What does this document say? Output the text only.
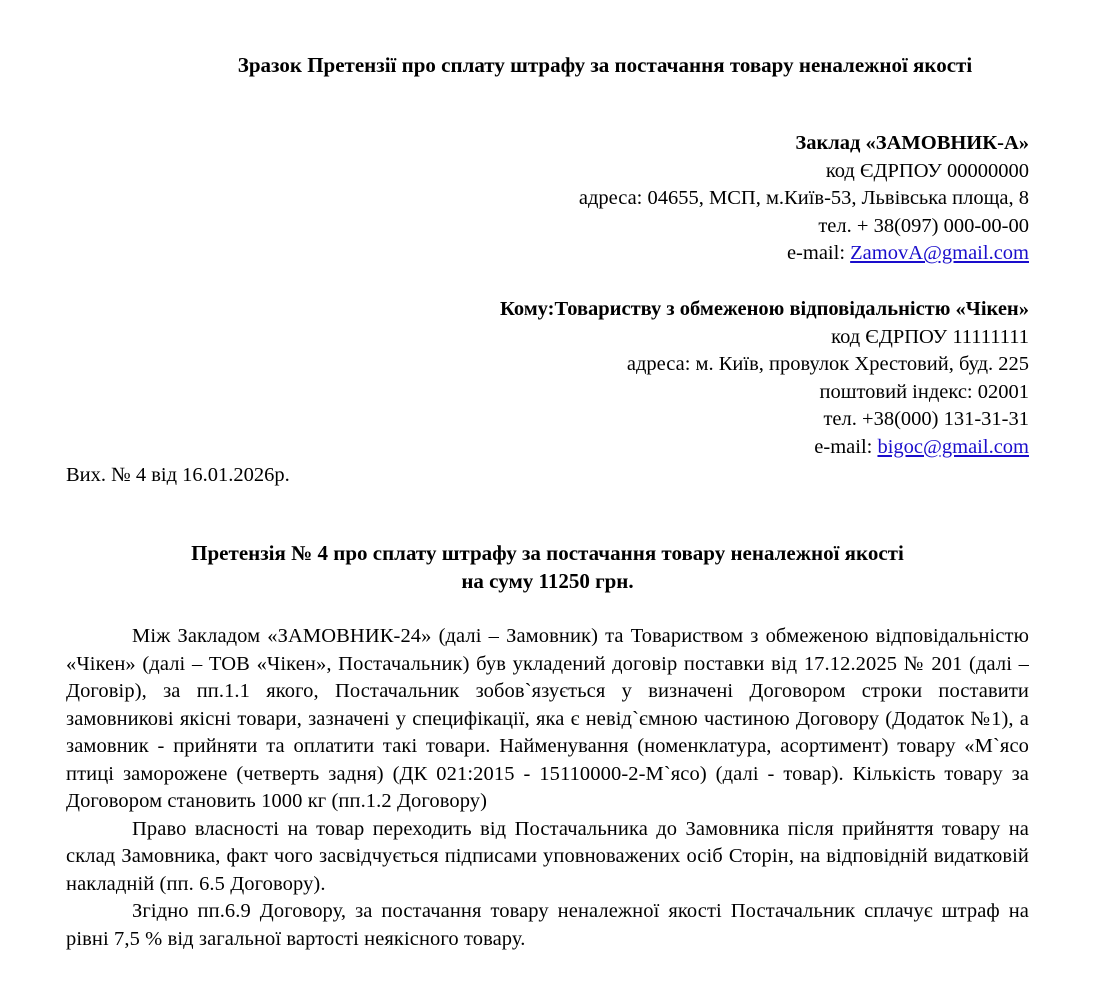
Зразок Претензії про сплату штрафу за постачання товару неналежної якості
Заклад «ЗАМОВНИК-А»
код ЄДРПОУ 00000000
адреса: 04655, МСП, м.Київ-53, Львівська площа, 8
тел. + 38(097) 000-00-00
e-mail: ZamovA@gmail.com
Кому:Товариству з обмеженою відповідальністю «Чікен»
код ЄДРПОУ 11111111
адреса: м. Київ, провулок Хрестовий, буд. 225
поштовий індекс: 02001
тел. +38(000) 131-31-31
e-mail: bigoc@gmail.com
Вих. № 4 від 16.01.2026р.
Претензія № 4 про сплату штрафу за постачання товару неналежної якості
на суму 11250 грн.

Між Закладом «ЗАМОВНИК-24» (далі – Замовник) та Товариством з обмеженою відповідальністю «Чікен» (далі – ТОВ «Чікен», Постачальник) був укладений договір поставки від 17.12.2025 № 201 (далі – Договір), за пп.1.1 якого, Постачальник зобов`язується у визначені Договором строки поставити замовникові якісні товари, зазначені у специфікації, яка є невід`ємною частиною Договору (Додаток №1), а замовник - прийняти та оплатити такі товари. Найменування (номенклатура, асортимент) товару «М`ясо птиці заморожене (четверть задня) (ДК 021:2015 - 15110000-2-М`ясо) (далі - товар). Кількість товару за Договором становить 1000 кг (пп.1.2 Договору)

Право власності на товар переходить від Постачальника до Замовника після прийняття товару на склад Замовника, факт чого засвідчується підписами уповноважених осіб Сторін, на відповідній видатковій накладній (пп. 6.5 Договору).

Згідно пп.6.9 Договору, за постачання товару неналежної якості Постачальник сплачує штраф на рівні 7,5 % від загальної вартості неякісного товару.
